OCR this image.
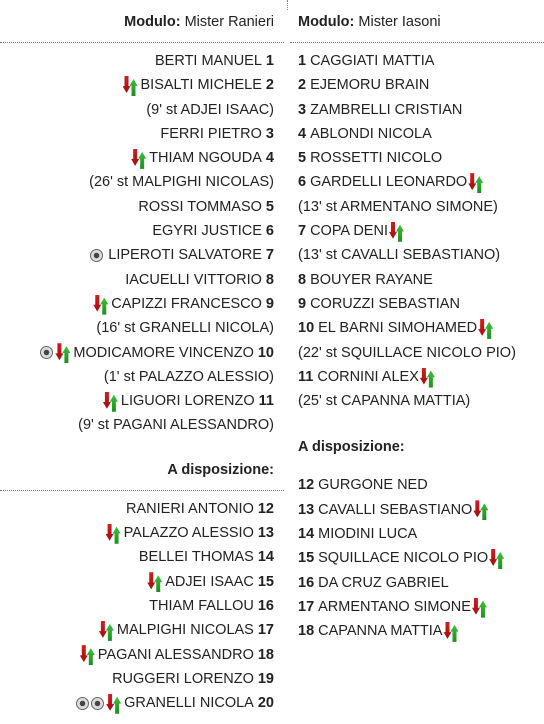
Modulo: Mister Ranieri
BERTI MANUEL 1
BISALTI MICHELE 2
(9' st ADJEI ISAAC)
FERRI PIETRO 3
THIAM NGOUDA 4
(26' st MALPIGHI NICOLAS)
ROSSI TOMMASO 5
EGYRI JUSTICE 6
LIPEROTI SALVATORE 7
IACUELLI VITTORIO 8
CAPIZZI FRANCESCO 9
(16' st GRANELLI NICOLA)
MODICAMORE VINCENZO 10
(1' st PALAZZO ALESSIO)
LIGUORI LORENZO 11
(9' st PAGANI ALESSANDRO)
A disposizione:
RANIERI ANTONIO 12
PALAZZO ALESSIO 13
BELLEI THOMAS 14
ADJEI ISAAC 15
THIAM FALLOU 16
MALPIGHI NICOLAS 17
PAGANI ALESSANDRO 18
RUGGERI LORENZO 19
GRANELLI NICOLA 20
Modulo: Mister Iasoni
1 CAGGIATI MATTIA
2 EJEMORU BRAIN
3 ZAMBRELLI CRISTIAN
4 ABLONDI NICOLA
5 ROSSETTI NICOLO
6 GARDELLI LEONARDO
(13' st ARMENTANO SIMONE)
7 COPA DENI
(13' st CAVALLI SEBASTIANO)
8 BOUYER RAYANE
9 CORUZZI SEBASTIAN
10 EL BARNI SIMOHAMED
(22' st SQUILLACE NICOLO PIO)
11 CORNINI ALEX
(25' st CAPANNA MATTIA)
A disposizione:
12 GURGONE NED
13 CAVALLI SEBASTIANO
14 MIODINI LUCA
15 SQUILLACE NICOLO PIO
16 DA CRUZ GABRIEL
17 ARMENTANO SIMONE
18 CAPANNA MATTIA
